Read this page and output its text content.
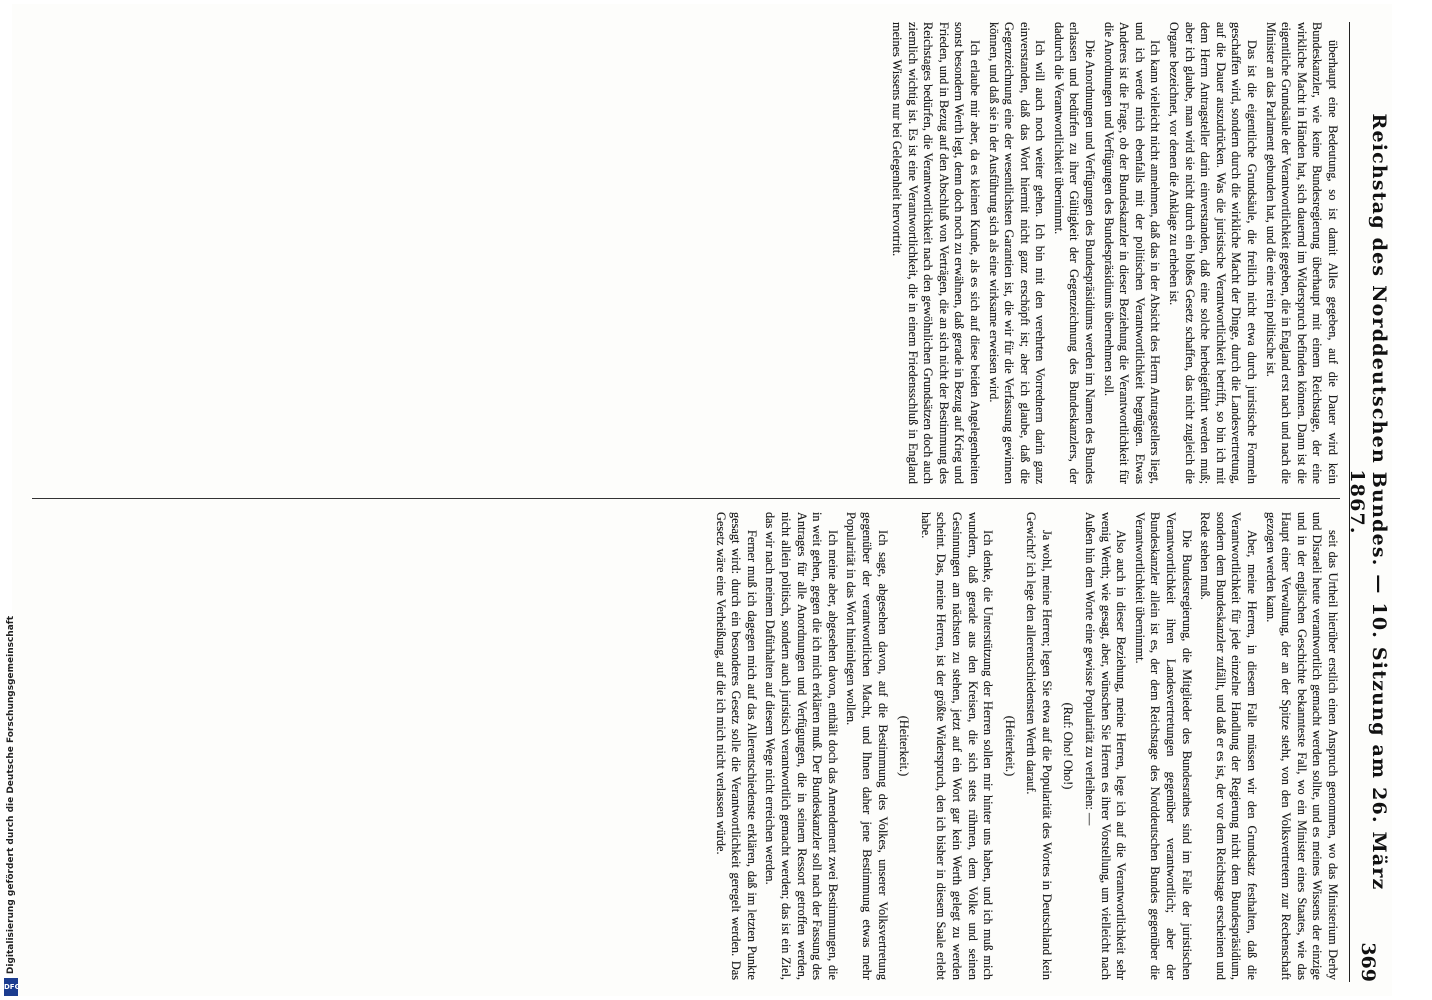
Reichstag des Norddeutschen Bundes. — 10. Sitzung am 26. März 1867.
369

überhaupt eine Bedeutung, so ist damit Alles gegeben, auf die Dauer wird kein Bundeskanzler, wie keine Bundesregierung überhaupt mit einem Reichstage, der eine wirkliche Macht in Händen hat, sich dauernd im Widerspruch befinden können. Dann ist die eigentliche Grundsäule der Verantwortlichkeit gegeben, die in England erst nach und nach die Minister an das Parlament gebunden hat, und die eine rein politische ist.

Das ist die eigentliche Grundsäule, die freilich nicht etwa durch juristische Formeln geschaffen wird, sondern durch die wirkliche Macht der Dinge, durch die Landesvertretung, auf die Dauer auszudrücken. Was die juristische Verantwortlichkeit betrifft, so bin ich mit dem Herrn Antragsteller darin einverstanden, daß eine solche herbeigeführt werden muß; aber ich glaube, man wird sie nicht durch ein bloßes Gesetz schaffen, das nicht zugleich die Organe bezeichnet, vor denen die Anklage zu erheben ist.

Ich kann vielleicht nicht annehmen, daß das in der Absicht des Herrn Antragstellers liegt, und ich werde mich ebenfalls mit der politischen Verantwortlichkeit begnügen. Etwas Anderes ist die Frage, ob der Bundeskanzler in dieser Beziehung die Verantwortlichkeit für die Anordnungen und Verfügungen des Bundespräsidiums übernehmen soll.

Die Anordnungen und Verfügungen des Bundespräsidiums werden im Namen des Bundes erlassen und bedürfen zu ihrer Gültigkeit der Gegenzeichnung des Bundeskanzlers, der dadurch die Verantwortlichkeit übernimmt.

Ich will auch noch weiter gehen. Ich bin mit den verehrten Vorrednern darin ganz einverstanden, daß das Wort hiermit nicht ganz erschöpft ist; aber ich glaube, daß die Gegenzeichnung eine der wesentlichsten Garantien ist, die wir für die Verfassung gewinnen können, und daß sie in der Ausführung sich als eine wirksame erweisen wird.

Ich erlaube mir aber, da es kleinen Kunde, als es sich auf diese beiden Angelegenheiten sonst besondern Werth legt, denn doch noch zu erwähnen, daß gerade in Bezug auf Krieg und Frieden, und in Bezug auf den Abschluß von Verträgen, die an sich nicht der Bestimmung des Reichstages bedürfen, die Verantwortlichkeit nach den gewöhnlichen Grundsätzen doch auch ziemlich wichtig ist. Es ist eine Verantwortlichkeit, die in einem Friedensschluß in England meines Wissens nur bei Gelegenheit hervortritt.

seit das Urtheil hierüber erstlich einen Anspruch genommen, wo das Ministerium Derby und Disraeli heute verantwortlich gemacht werden sollte, und es meines Wissens der einzige und in der englischen Geschichte bekannteste Fall, wo ein Minister eines Staates, wie das Haupt einer Verwaltung, der an der Spitze steht, von den Volksvertretern zur Rechenschaft gezogen werden kann.

Aber, meine Herren, in diesem Falle müssen wir den Grundsatz festhalten, daß die Verantwortlichkeit für jede einzelne Handlung der Regierung nicht dem Bundespräsidium, sondern dem Bundeskanzler zufällt, und daß er es ist, der vor dem Reichstage erscheinen und Rede stehen muß.

Die Bundesregierung, die Mitglieder des Bundesrathes sind im Falle der juristischen Verantwortlichkeit ihren Landesvertretungen gegenüber verantwortlich; aber der Bundeskanzler allein ist es, der dem Reichstage des Norddeutschen Bundes gegenüber die Verantwortlichkeit übernimmt.

Also auch in dieser Beziehung, meine Herren, lege ich auf die Verantwortlichkeit sehr wenig Werth; wie gesagt, aber, wünschen Sie Herren es ihrer Vorstellung, um vielleicht nach Außen hin dem Worte eine gewisse Popularität zu verleihen: —

(Ruf: Oho! Oho!)

Ja wohl, meine Herren; legen Sie etwa auf die Popularität des Wortes in Deutschland kein Gewicht? ich lege den allerentschiedensten Werth darauf.

(Heiterkeit.)

Ich denke, die Unterstützung der Herren sollen mir hinter uns haben, und ich muß mich wundern, daß gerade aus den Kreisen, die sich stets rühmen, dem Volke und seinen Gesinnungen am nächsten zu stehen, jetzt auf ein Wort gar kein Werth gelegt zu werden scheint. Das, meine Herren, ist der größte Widerspruch, den ich bisher in diesem Saale erlebt habe.

(Heiterkeit.)

Ich sage, abgesehen davon, auf die Bestimmung des Volkes, unserer Volksvertretung gegenüber der verantwortlichen Macht, und Ihnen daher jene Bestimmung etwas mehr Popularität in das Wort hineinlegen wollen.

Ich meine aber, abgesehen davon, enthält doch das Amendement zwei Bestimmungen, die in weit gehen, gegen die ich mich erklären muß. Der Bundeskanzler soll nach der Fassung des Antrages für alle Anordnungen und Verfügungen, die in seinem Ressort getroffen werden, nicht allein politisch, sondern auch juristisch verantwortlich gemacht werden; das ist ein Ziel, das wir nach meinem Dafürhalten auf diesem Wege nicht erreichen werden.

Ferner muß ich dagegen mich auf das Allerentschiedenste erklären, daß im letzten Punkte gesagt wird: durch ein besonderes Gesetz solle die Verantwortlichkeit geregelt werden. Das Gesetz wäre eine Verheißung, auf die ich mich nicht verlassen würde.

Digitalisierung gefördert durch die Deutsche Forschungsgemeinschaft
DFG
